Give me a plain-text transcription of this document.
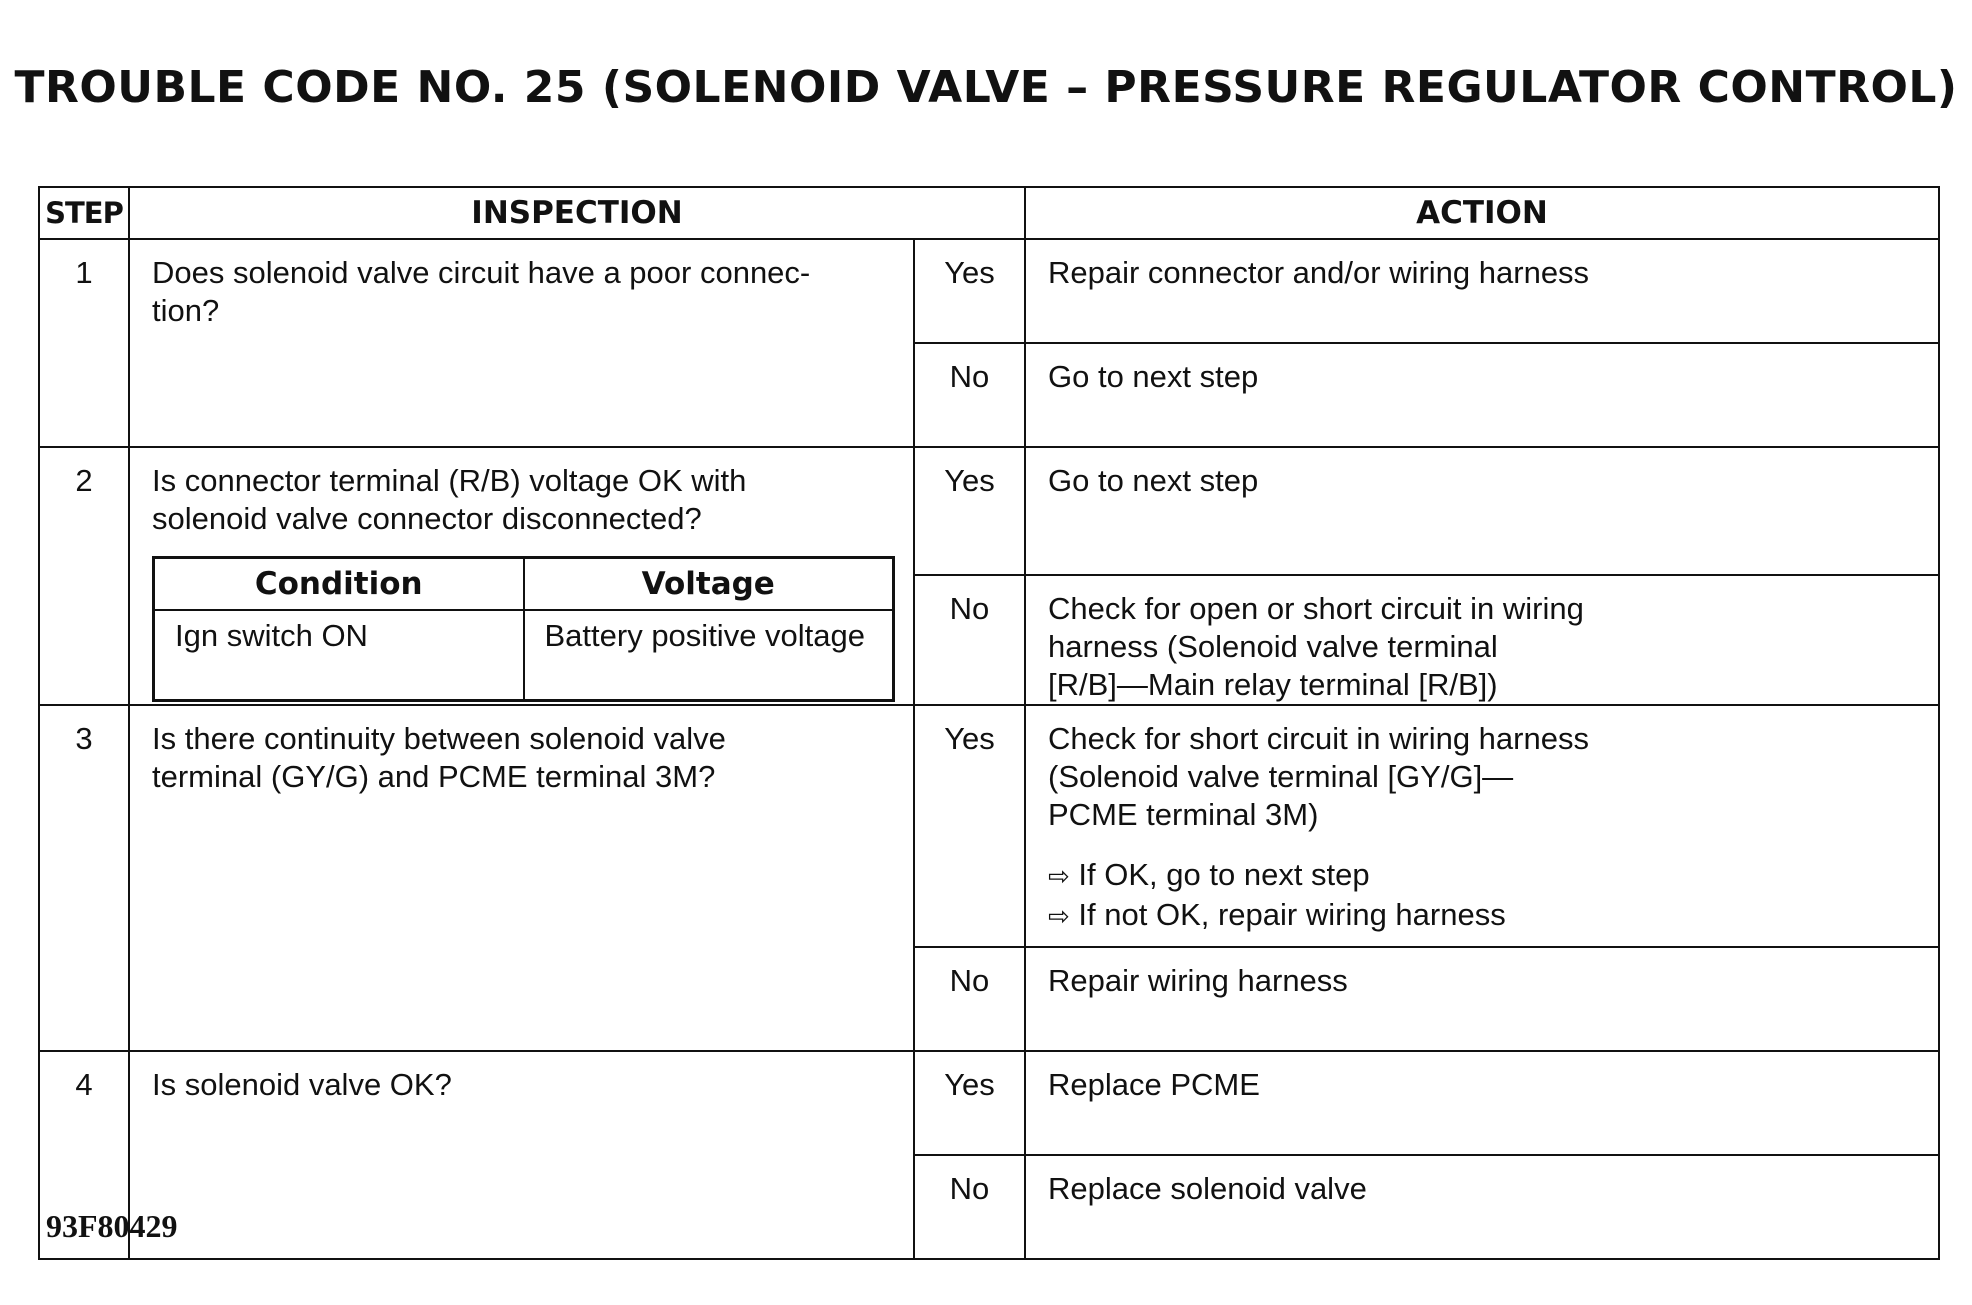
TROUBLE CODE NO. 25 (SOLENOID VALVE – PRESSURE REGULATOR CONTROL)
STEP	INSPECTION	ACTION
1	Does solenoid valve circuit have a poor connec-
tion?
	Yes	Repair connector and/or wiring harness

No	Go to next step

2	Is connector terminal (R/B) voltage OK with
solenoid valve connector disconnected?
Condition	Voltage
Ign switch ON	Battery positive voltage
	Yes	Go to next step

No	Check for open or short circuit in wiring
harness (Solenoid valve terminal
[R/B]—Main relay terminal [R/B])

3	Is there continuity between solenoid valve
terminal (GY/G) and PCME terminal 3M?
	Yes	Check for short circuit in wiring harness
(Solenoid valve terminal [GY/G]—
PCME terminal 3M)
⇨ If OK, go to next step
⇨ If not OK, repair wiring harness

No	Repair wiring harness

4	Is solenoid valve OK?	Yes	Replace PCME

No	Replace solenoid valve
93F80429
